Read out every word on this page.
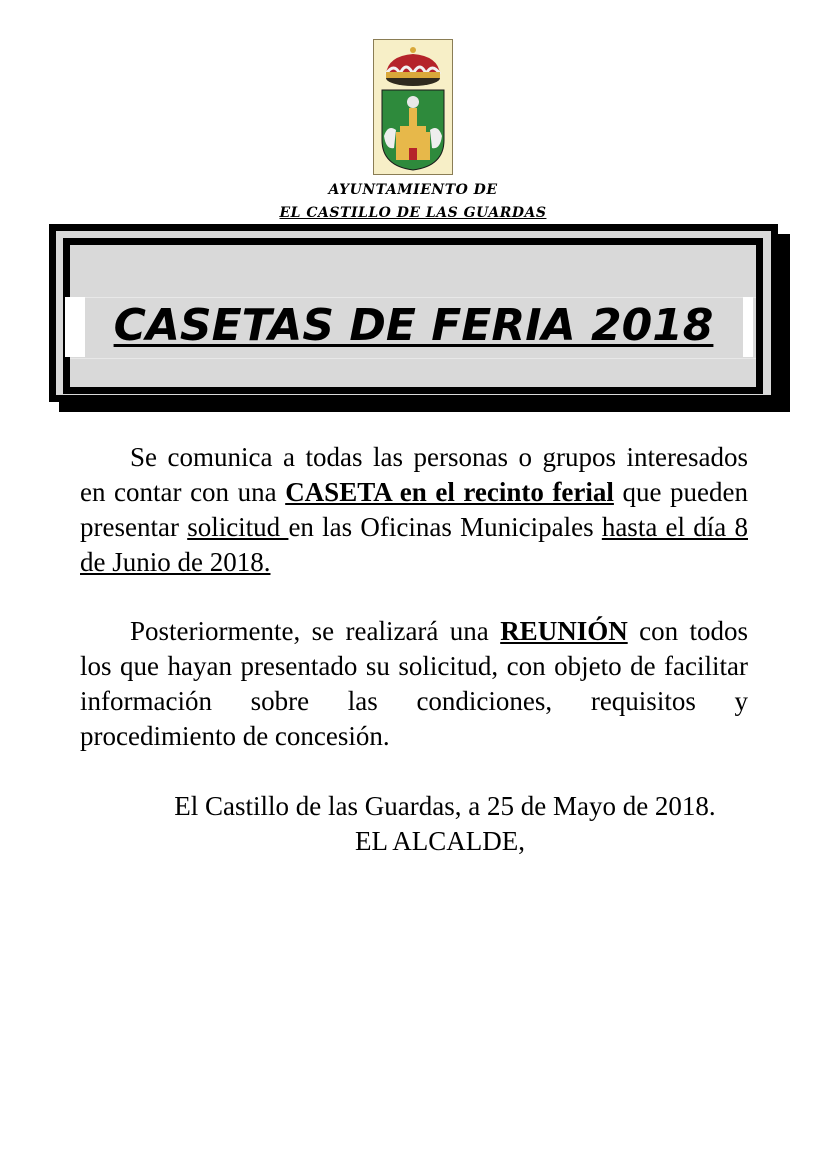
AYUNTAMIENTO DE
EL CASTILLO DE LAS GUARDAS
CASETAS DE FERIA 2018
Se comunica a todas las personas o grupos interesados en contar con una CASETA en el recinto ferial que pueden presentar solicitud en las Oficinas Municipales hasta el día 8 de Junio de 2018.
Posteriormente, se realizará una REUNIÓN con todos los que hayan presentado su solicitud, con objeto de facilitar información sobre las condiciones, requisitos y procedimiento de concesión.
El Castillo de las Guardas, a 25 de Mayo de 2018.
EL ALCALDE,
